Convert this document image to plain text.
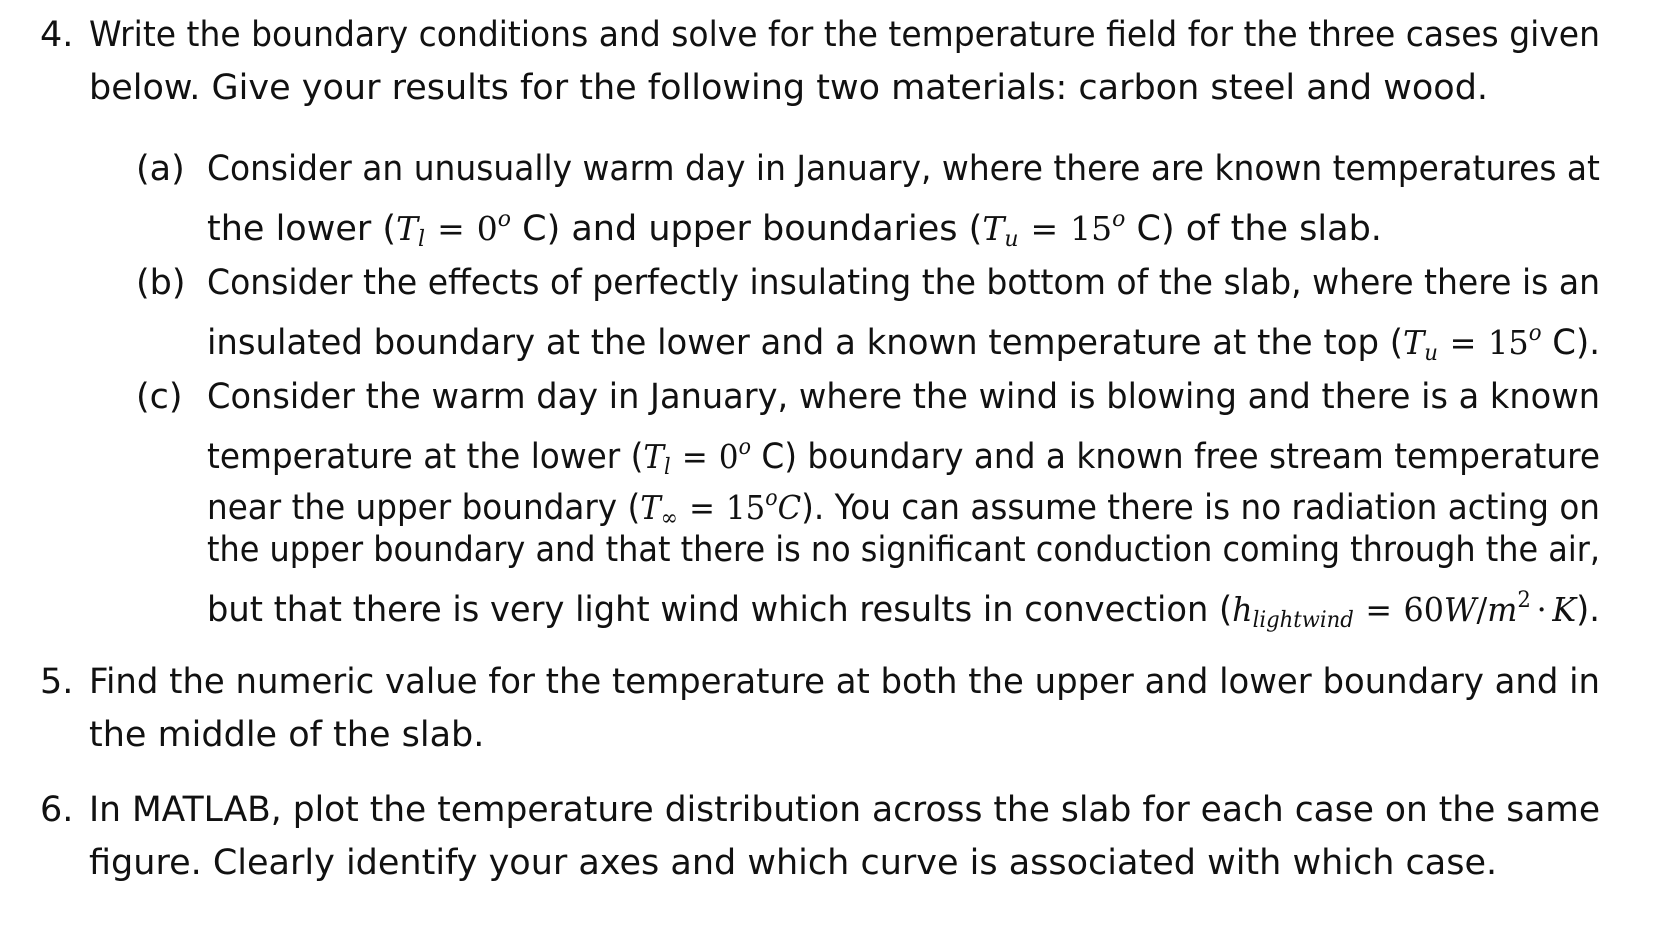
4. Write the boundary conditions and solve for the temperature field for the three cases given
below. Give your results for the following two materials: carbon steel and wood.
(a) Consider an unusually warm day in January, where there are known temperatures at
the lower ($Tl = 0^o$ C) and upper boundaries ($Tu = 15^o$ C) of the slab.
(b) Consider the effects of perfectly insulating the bottom of the slab, where there is an
insulated boundary at the lower and a known temperature at the top ($Tu = 15^o$ C).
(c) Consider the warm day in January, where the wind is blowing and there is a known
temperature at the lower ($Tl = 0^o$ C) boundary and a known free stream temperature
near the upper boundary $(T\infty = 15^oC)$. You can assume there is no radiation acting on
the upper boundary and that there is no significant conduction coming through the air,
but that there is very light wind which results in convection (hlightwind = $60W/m^2 \cdot K$).
5. Find the numeric value for the temperature at both the upper and lower boundary and in
the middle of the slab.
6. In MATLAB, plot the temperature distribution across the slab for each case on the same
figure. Clearly identify your axes and which curve is associated with which case.
